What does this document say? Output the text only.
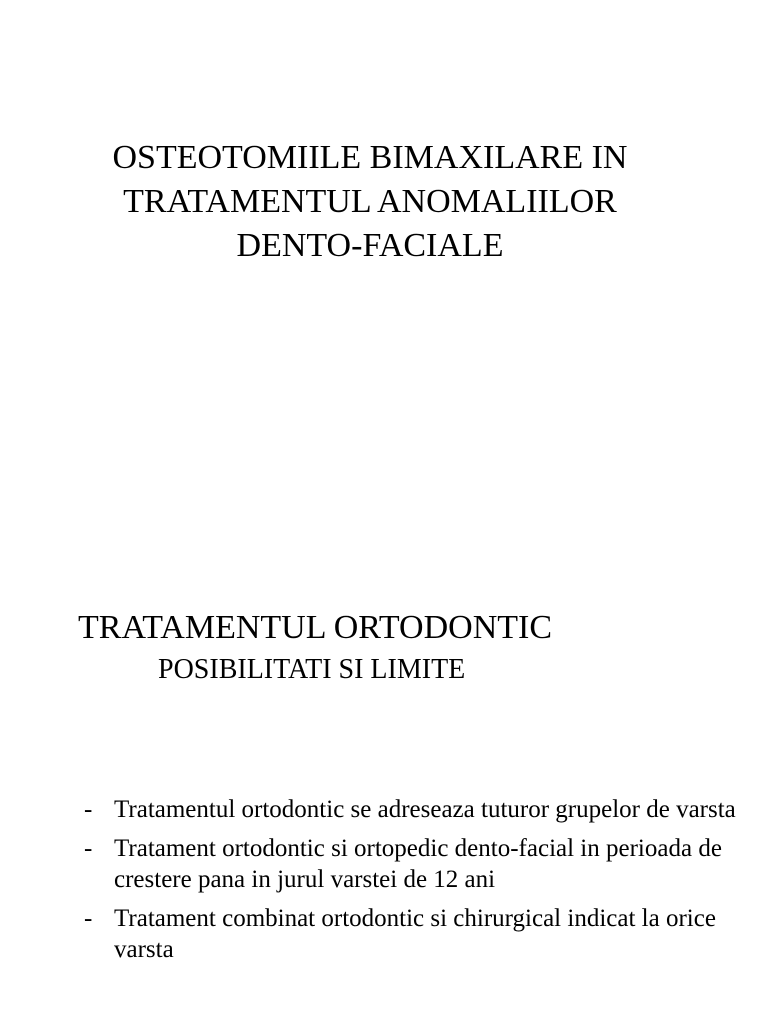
OSTEOTOMIILE BIMAXILARE IN
TRATAMENTUL ANOMALIILOR
DENTO-FACIALE
TRATAMENTUL ORTODONTIC
POSIBILITATI SI LIMITE
- Tratamentul ortodontic se adreseaza tuturor grupelor de varsta
- Tratament ortodontic si ortopedic dento-facial in perioada de crestere pana in jurul varstei de 12 ani
- Tratament combinat ortodontic si chirurgical indicat la orice varsta
